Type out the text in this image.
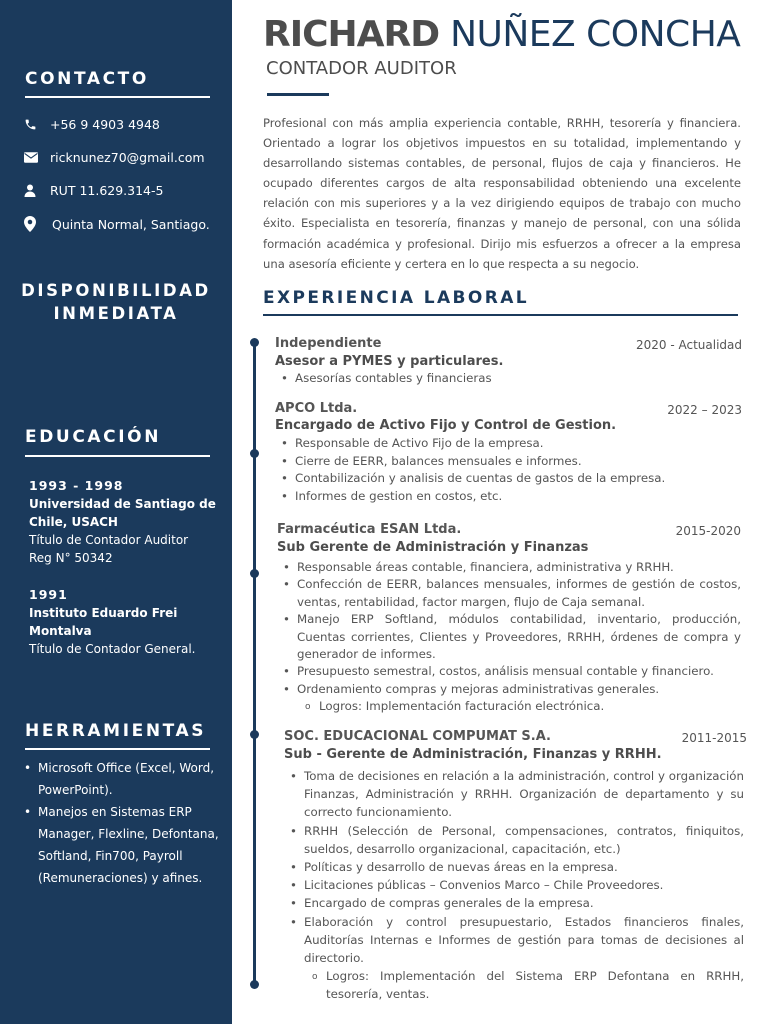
CONTACTO
+56 9 4903 4948
ricknunez70@gmail.com
RUT 11.629.314-5
Quinta Normal, Santiago.
DISPONIBILIDAD
INMEDIATA
EDUCACIÓN
1993 - 1998
Universidad de Santiago de
Chile, USACH
Título de Contador Auditor
Reg N° 50342
1991
Instituto Eduardo Frei
Montalva
Título de Contador General.
HERRAMIENTAS
• Microsoft Office (Excel, Word,
PowerPoint).
• Manejos en Sistemas ERP
Manager, Flexline, Defontana,
Softland, Fin700, Payroll
(Remuneraciones) y afines.
RICHARD NUÑEZ CONCHA
CONTADOR AUDITOR

Profesional con más amplia experiencia contable, RRHH, tesorería y financiera. Orientado a lograr los objetivos impuestos en su totalidad, implementando y desarrollando sistemas contables, de personal, flujos de caja y financieros. He ocupado diferentes cargos de alta responsabilidad obteniendo una excelente relación con mis superiores y a la vez dirigiendo equipos de trabajo con mucho éxito. Especialista en tesorería, finanzas y manejo de personal, con una sólida formación académica y profesional. Dirijo mis esfuerzos a ofrecer a la empresa una asesoría eficiente y certera en lo que respecta a su negocio.

EXPERIENCIA LABORAL
Independiente	2020 - Actualidad
Asesor a PYMES y particulares.
• Asesorías contables y financieras
APCO Ltda.	2022 – 2023
Encargado de Activo Fijo y Control de Gestion.
• Responsable de Activo Fijo de la empresa.
• Cierre de EERR, balances mensuales e informes.
• Contabilización y analisis de cuentas de gastos de la empresa.
• Informes de gestion en costos, etc.
Farmacéutica ESAN Ltda.	2015-2020
Sub Gerente de Administración y Finanzas
• Responsable áreas contable, financiera, administrativa y RRHH.
• Confección de EERR, balances mensuales, informes de gestión de costos, ventas, rentabilidad, factor margen, flujo de Caja semanal.
• Manejo ERP Softland, módulos contabilidad, inventario, producción, Cuentas corrientes, Clientes y Proveedores, RRHH, órdenes de compra y generador de informes.
• Presupuesto semestral, costos, análisis mensual contable y financiero.
• Ordenamiento compras y mejoras administrativas generales.
o Logros: Implementación facturación electrónica.
SOC. EDUCACIONAL COMPUMAT S.A.	2011-2015
Sub - Gerente de Administración, Finanzas y RRHH.
• Toma de decisiones en relación a la administración, control y organización Finanzas, Administración y RRHH. Organización de departamento y su correcto funcionamiento.
• RRHH (Selección de Personal, compensaciones, contratos, finiquitos, sueldos, desarrollo organizacional, capacitación, etc.)
• Políticas y desarrollo de nuevas áreas en la empresa.
• Licitaciones públicas – Convenios Marco – Chile Proveedores.
• Encargado de compras generales de la empresa.
• Elaboración y control presupuestario, Estados financieros finales, Auditorías Internas e Informes de gestión para tomas de decisiones al directorio.
o Logros: Implementación del Sistema ERP Defontana en RRHH, tesorería, ventas.
